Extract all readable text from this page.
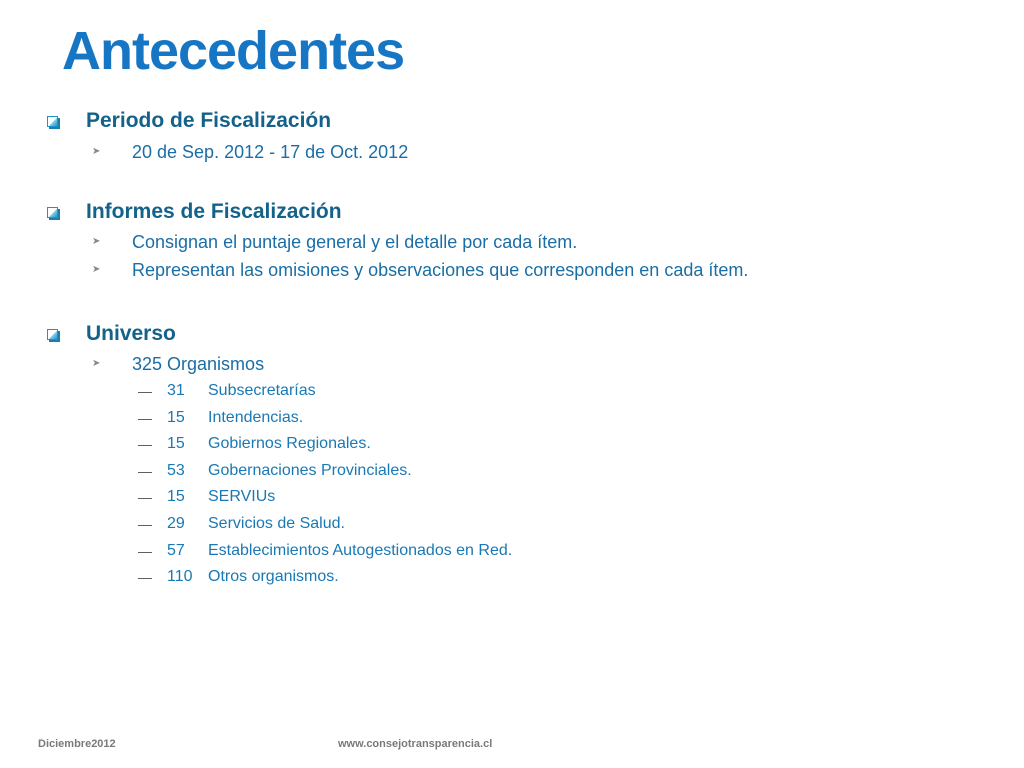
Antecedentes
Periodo de Fiscalización
➤	20 de Sep. 2012 - 17 de Oct. 2012
Informes de Fiscalización
➤	Consignan el puntaje general y el detalle por cada ítem.
➤	Representan las omisiones y observaciones que corresponden en cada ítem.
Universo
➤	325 Organismos
— 31	Subsecretarías
— 15	Intendencias.
— 15	Gobiernos Regionales.
— 53	Gobernaciones Provinciales.
— 15	SERVIUs
— 29	Servicios de Salud.
— 57	Establecimientos Autogestionados en Red.
— 110 Otros organismos.
Diciembre2012	www.consejotransparencia.cl
